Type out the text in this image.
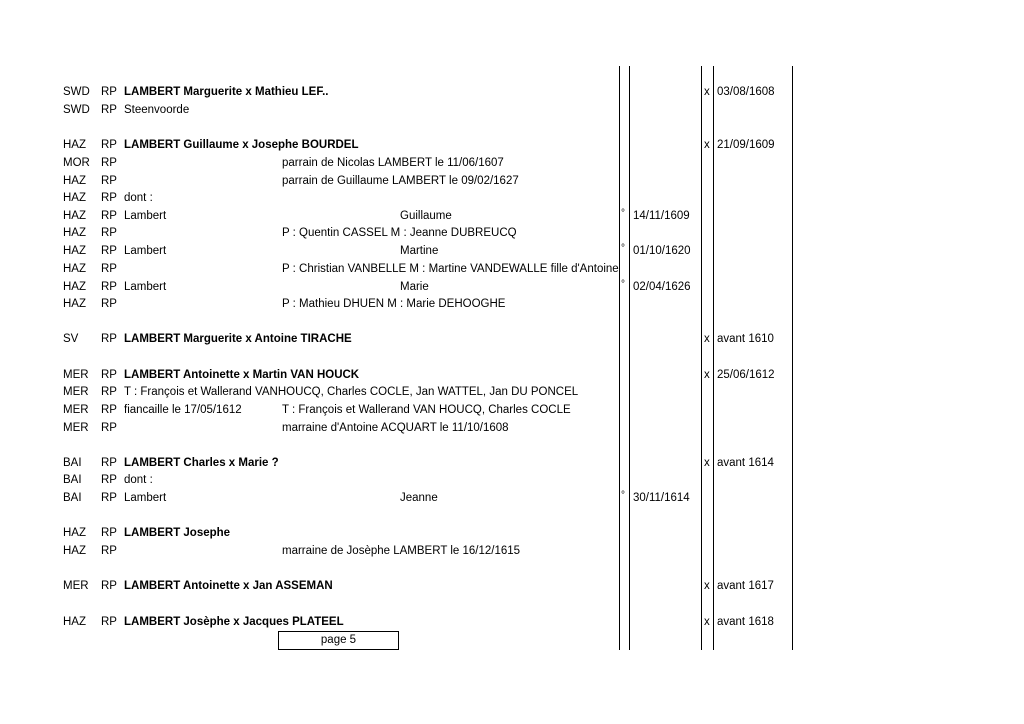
SWD RP LAMBERT Marguerite x Mathieu LEF..	x 03/08/1608
SWD RP Steenvoorde
HAZ RP LAMBERT Guillaume x Josephe BOURDEL	x 21/09/1609
MOR RP	parrain de Nicolas LAMBERT le 11/06/1607
HAZ RP	parrain de Guillaume LAMBERT le 09/02/1627
HAZ RP dont :
HAZ RP Lambert	Guillaume	° 14/11/1609
HAZ RP	P : Quentin CASSEL M : Jeanne DUBREUCQ
HAZ RP Lambert	Martine	° 01/10/1620
HAZ RP	P : Christian VANBELLE M : Martine VANDEWALLE fille d'Antoine
HAZ RP Lambert	Marie	° 02/04/1626
HAZ RP	P : Mathieu DHUEN M : Marie DEHOOGHE
SV RP LAMBERT Marguerite x Antoine TIRACHE	x avant 1610
MER RP LAMBERT Antoinette x Martin VAN HOUCK	x 25/06/1612
MER RP T : François et Wallerand VANHOUCQ, Charles COCLE, Jan WATTEL, Jan DU PONCEL
MER RP fiancaille le 17/05/1612	T : François et Wallerand VAN HOUCQ, Charles COCLE
MER RP	marraine d'Antoine ACQUART le 11/10/1608
BAI RP LAMBERT Charles x Marie ?	x avant 1614
BAI RP dont :
BAI RP Lambert	Jeanne	° 30/11/1614
HAZ RP LAMBERT Josephe
HAZ RP	marraine de Josèphe LAMBERT le 16/12/1615
MER RP LAMBERT Antoinette x Jan ASSEMAN	x avant 1617
HAZ RP LAMBERT Josèphe x Jacques PLATEEL	x avant 1618
page 5
